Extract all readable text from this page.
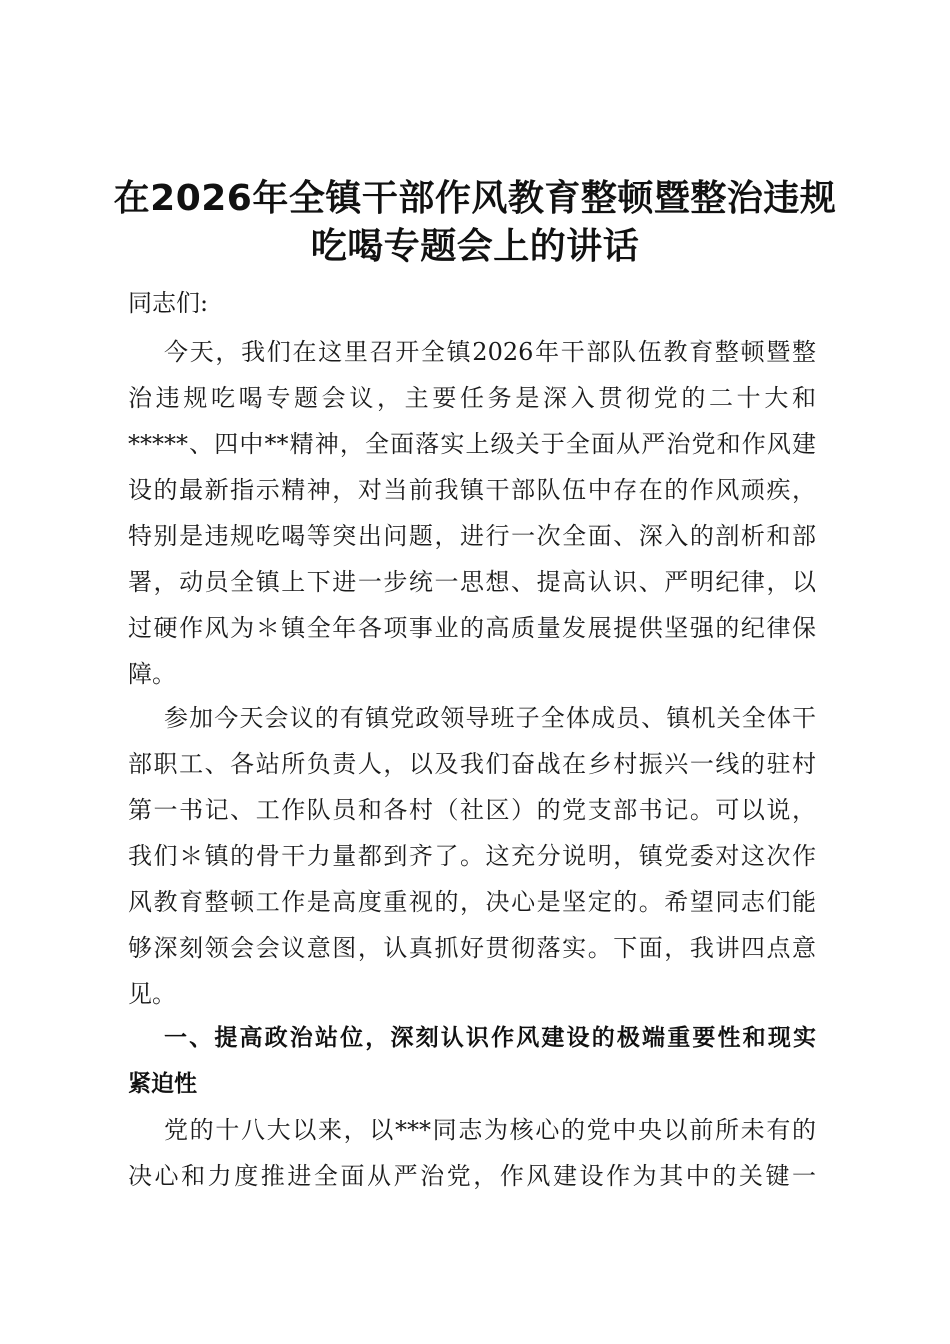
在2026年全镇干部作风教育整顿暨整治违规
吃喝专题会上的讲话
同志们:
今天，我们在这里召开全镇2026年干部队伍教育整顿暨整
治违规吃喝专题会议，主要任务是深入贯彻党的二十大和
*****、四中**精神，全面落实上级关于全面从严治党和作风建
设的最新指示精神，对当前我镇干部队伍中存在的作风顽疾，
特别是违规吃喝等突出问题，进行一次全面、深入的剖析和部
署，动员全镇上下进一步统一思想、提高认识、严明纪律，以
过硬作风为＊镇全年各项事业的高质量发展提供坚强的纪律保
障。
参加今天会议的有镇党政领导班子全体成员、镇机关全体干
部职工、各站所负责人，以及我们奋战在乡村振兴一线的驻村
第一书记、工作队员和各村（社区）的党支部书记。可以说，
我们＊镇的骨干力量都到齐了。这充分说明，镇党委对这次作
风教育整顿工作是高度重视的，决心是坚定的。希望同志们能
够深刻领会会议意图，认真抓好贯彻落实。下面，我讲四点意
见。
一、提高政治站位，深刻认识作风建设的极端重要性和现实
紧迫性
党的十八大以来，以***同志为核心的党中央以前所未有的
决心和力度推进全面从严治党，作风建设作为其中的关键一
